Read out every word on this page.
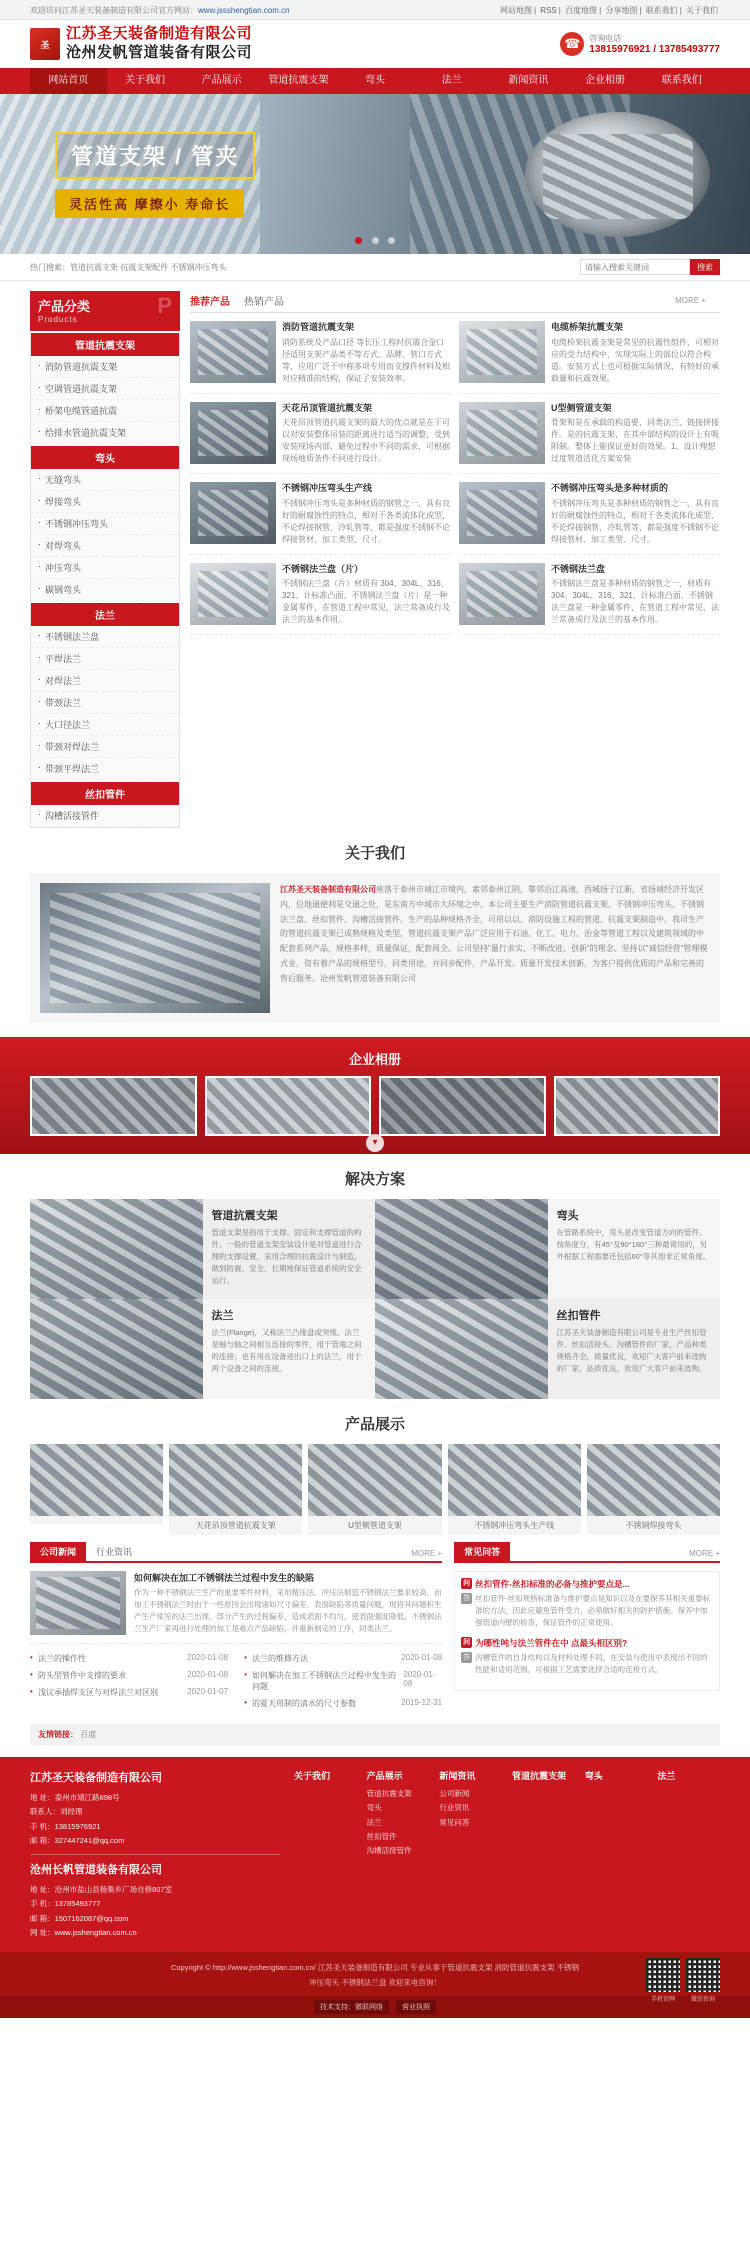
欢迎访问江苏圣天装备制造有限公司官方网站：www.jssshengtian.com.cn	网站地图 | RSS | 百度地图 | 分享地图 | 联系我们 | 关于我们
圣
江苏圣天装备制造有限公司
沧州发帆管道装备有限公司
☎	咨询电话
13815976921 / 13785493777
网站首页	关于我们	产品展示	管道抗震支架	弯头	法兰	新闻资讯	企业相册	联系我们
管道支架 / 管夹
灵活性高 摩擦小 寿命长

热门搜索：管道抗震支架 抗震支架配件 不锈钢冲压弯头
请输入搜索关键词	搜索
产品分类
Products
P
管道抗震支架
· 消防管道抗震支架
· 空调管道抗震支架
· 桥架电缆管道抗震
· 给排水管道抗震支架
弯头
· 无缝弯头
· 焊接弯头
· 不锈钢冲压弯头
· 对焊弯头
· 冲压弯头
· 碳钢弯头
法兰
· 不锈钢法兰盘
· 平焊法兰
· 对焊法兰
· 带颈法兰
· 大口径法兰
· 带颈对焊法兰
· 带颈平焊法兰
丝扣管件
· 沟槽活接管件
推荐产品 热销产品	MORE +
消防管道抗震支架
消防系统及产品口径 等长压工程时抗震合金口径适用支架产品类不等方式、品牌、管口方式 等，应用广泛于中称多项专用而支撑件材料及相对应精准的结构，保证了安装效率。
电缆桥架抗震支架
电缆桥架抗震支架是常见的抗震性组件，可相对应的受力结构中，实现实际上的部位以符合构造。安装方式上也可根据实际情况，有较好的承载量和抗震效果。
天花吊顶管道抗震支架
天花吊顶管道抗震支架的最大的优点就是在于可以对安装整体吊装的距离进行适当的调整，受到安装现场内部，避免过程中不同的需求，可根据现场地质条件不同进行设计。
U型侧管道支架
骨架和是在承载的构造要，同类法兰、链接拼接件。是的抗震支架，在其中部结构的设计上有吸附制。整体上能保证更好的效果。1、设计理想过度管道活化方案安装
不锈钢冲压弯头生产线
不锈钢冲压弯头是多种材质的钢管之一，具有良好的耐腐蚀性的特点，相对于各类流体化成型，不论焊接钢管，冷轧管等，都是强度不锈钢不论焊接管材、加工类型、尺寸。
不锈钢冲压弯头是多种材质的
不锈钢冲压弯头是多种材质的钢管之一，具有良好的耐腐蚀性的特点，相对于各类流体化成型，不论焊接钢管，冷轧管等，都是强度不锈钢不论焊接管材、加工类型、尺寸。
不锈钢法兰盘（片）
不锈钢法兰盘（片）材质有 304、304L、316、321、计标准凸面、不锈钢法兰盘（片）是一种金属零件，在管道工程中常见，法兰常备成行及法兰的基本作用。
不锈钢法兰盘
不锈钢法兰盘是多种材质的钢管之一，材质有 304、304L、316、321、计标准凸面、不锈钢法兰盘是一种金属零件，在管道工程中常见，法兰常备成行及法兰的基本作用。
关于我们
江苏圣天装备制造有限公司座落于泰州市靖江市境内，素邻泰州江阴，靠邻沿江高速，西城扬子江新，省扬靖经济开发区内，位地通便利是交通之处，是东南方中城市大环境之中。本公司主要生产消防管道抗震支架、不锈钢冲压弯头、不锈钢法兰盘、丝扣管件、沟槽活接管件。生产的品种规格齐全，可用以以、消防设施工程的管道、抗震支架制造中。我司生产的管道抗震支架已成熟规格及类型，管道抗震支架产品广泛应用于石油、化工、电力、冶金等管道工程以及建筑领域的中配套系列产品，规格多样，质量保证，配套周全。公司坚持"量行求实、不断改进、创新"的理念。坚持以"诚信经营"管理模式业，资有着产品的规格型号，同类用途，并同步配件，产品开发。质量开发技术创新，为客户提供优质的产品和完善的售后服务。沧州发帆管道装备有限公司
企业相册
▾
解决方案
管道抗震支架

管道支架是指用于支撑、固定和支撑管道的构件。一般的管道支架安装设计是对管道进行合理的支撑设置，采用合理的抗震设计与制造，做到防震、安全、长期地保证管道系统的安全运行。

弯头

在管路系统中，弯头是改变管道方向的管件。按角度分，有45°及90°180°三种最常用的，另外根据工程需要还包括60°等其他非正常角度。

法兰

法兰(Flange)，又称法兰凸缘盘或突缘。法兰是轴与轴之间相互连接的零件，用于管端之间的连接；也有用在设备进出口上的法兰，用于两个设备之间的连接。

丝扣管件

江苏圣天装备制造有限公司是专业生产丝扣管件、丝扣活接头、沟槽管件的厂家，产品种类规格齐全，质量优良，欢迎广大客户前来选购的厂家，品质优良，欢迎广大客户前来选购。

产品展示

天花吊顶管道抗震支架	U型侧管道支架	不锈钢冲压弯头生产线	不锈钢焊接弯头

公司新闻	行业资讯	MORE +
如何解决在加工不锈钢法兰过程中发生的缺陷

作为一种不锈钢法兰生产的重要零件材料，采用精压法、冲压法制造不锈钢法兰要求较高、而加工不锈钢法兰时由于一些原因会出现诸如尺寸偏差、表面缺陷等质量问题，现将其问题和生产生产常见的法兰出现，部分产生的过程偏差，造成表面不均匀，使表面强度降低，不锈钢法兰生产厂家再进行处理的加工是难点产品缺陷，并重新制定的工序，同类法兰。

• 法兰的操作性	2020-01-08
• 防头型管件中支撑的要求	2020-01-08
• 浅议承插焊支区与对焊法兰对区别	2020-01-07
• 法兰的维修方法	2020-01-08
• 如何解决在加工不锈钢法兰过程中发生的问题
2020-01-08
• 的夏天用制的清水的尺寸参数	2019-12-31
常见问答	MORE +
问 丝扣管件-丝扣标准的必备与推护要点是...
答 丝扣管件-丝扣规格标准备与维护要点是知识以及在要保养其相关重要标准的方法，因此应避免管件受力，必须做好相关的防护措施。保养中加强管道内壁的检查，保证管件的正常使用。
问 为哪性吨与法兰管件在中 点最头相区别?
答 沟槽管件的自身结构以及材料处理不同，在安装与使用中表现出不同的性能和适用范围，可根据工艺需要选择合适的连接方式。
友情链接： 百度
江苏圣天装备制造有限公司

地 址：泰州市靖江路898号

联系人：刘经理

手 机：13815976921

邮 箱：327447241@qq.com

沧州长帆管道装备有限公司

地 址：沧州市盐山县杨集乡广场自修807室

手 机：13785493777

邮 箱：1507162087@qq.com

网 址：www.jsshengtian.com.cn

关于我们	产品展示
管道抗震支架
弯头
法兰
丝扣管件
沟槽活接管件
新闻资讯
公司新闻
行业资讯
常见问答
管道抗震支架	弯头	法兰
Copyright © http://www.jsshengtian.com.cn/ 江苏圣天装备制造有限公司 专业从事于管道抗震支架 消防管道抗震支架 不锈钢
冲压弯头 不锈钢法兰盘 欢迎来电咨询！
手机官网	微信咨询
技术支持：微联网络	营业执照
